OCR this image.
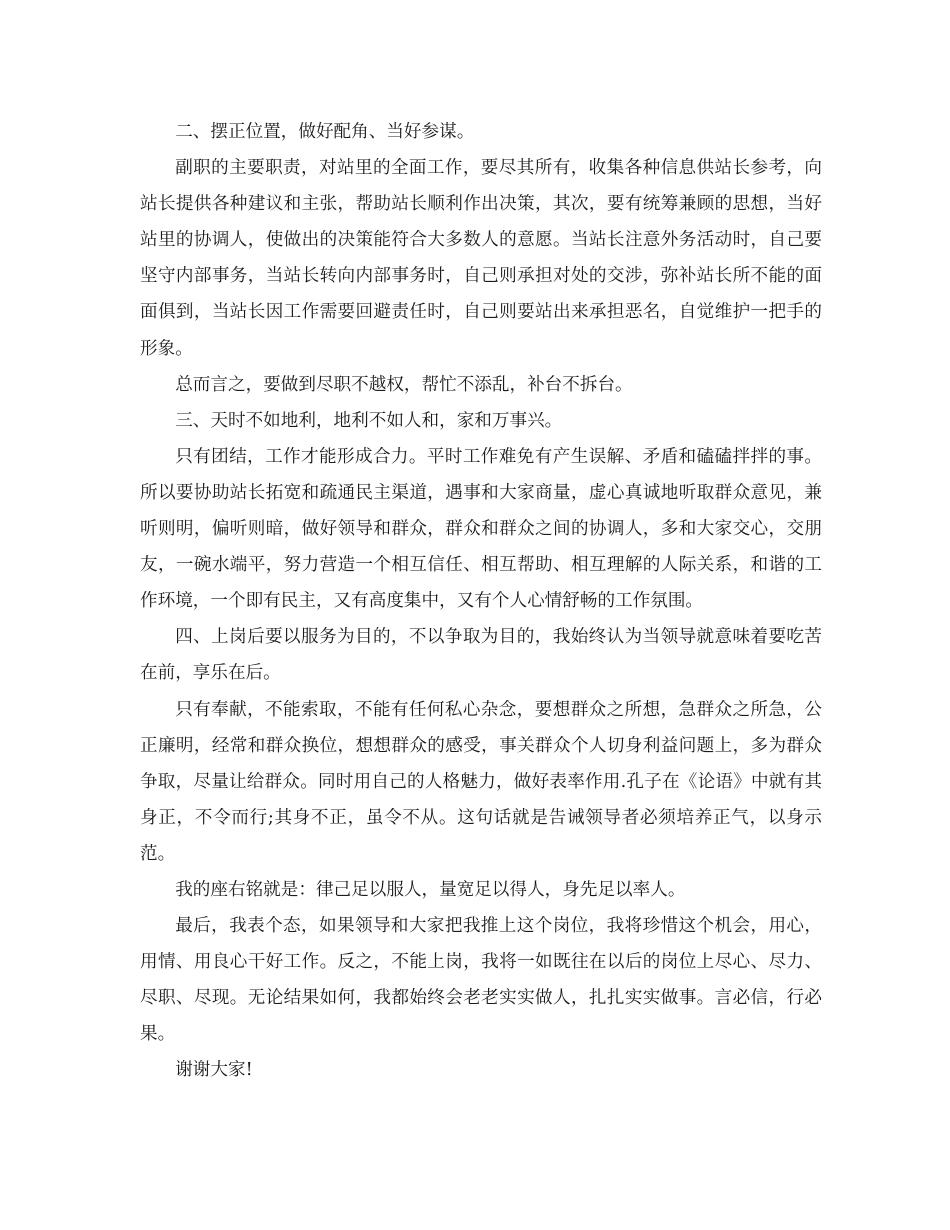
二、摆正位置，做好配角、当好参谋。

副职的主要职责，对站里的全面工作，要尽其所有，收集各种信息供站长参考，向站长提供各种建议和主张，帮助站长顺利作出决策，其次，要有统筹兼顾的思想，当好站里的协调人，使做出的决策能符合大多数人的意愿。当站长注意外务活动时，自己要坚守内部事务，当站长转向内部事务时，自己则承担对处的交涉，弥补站长所不能的面面俱到，当站长因工作需要回避责任时，自己则要站出来承担恶名，自觉维护一把手的形象。

总而言之，要做到尽职不越权，帮忙不添乱，补台不拆台。

三、天时不如地利，地利不如人和，家和万事兴。

只有团结，工作才能形成合力。平时工作难免有产生误解、矛盾和磕磕拌拌的事。所以要协助站长拓宽和疏通民主渠道，遇事和大家商量，虚心真诚地听取群众意见，兼听则明，偏听则暗，做好领导和群众，群众和群众之间的协调人，多和大家交心，交朋友，一碗水端平，努力营造一个相互信任、相互帮助、相互理解的人际关系，和谐的工作环境，一个即有民主，又有高度集中，又有个人心情舒畅的工作氛围。

四、上岗后要以服务为目的，不以争取为目的，我始终认为当领导就意味着要吃苦在前，享乐在后。

只有奉献，不能索取，不能有任何私心杂念，要想群众之所想，急群众之所急，公正廉明，经常和群众换位，想想群众的感受，事关群众个人切身利益问题上，多为群众争取，尽量让给群众。同时用自己的人格魅力，做好表率作用.孔子在《论语》中就有其身正，不令而行;其身不正，虽令不从。这句话就是告诫领导者必须培养正气，以身示范。

我的座右铭就是：律己足以服人，量宽足以得人，身先足以率人。

最后，我表个态，如果领导和大家把我推上这个岗位，我将珍惜这个机会，用心，用情、用良心干好工作。反之，不能上岗，我将一如既往在以后的岗位上尽心、尽力、尽职、尽现。无论结果如何，我都始终会老老实实做人，扎扎实实做事。言必信，行必果。

谢谢大家!
